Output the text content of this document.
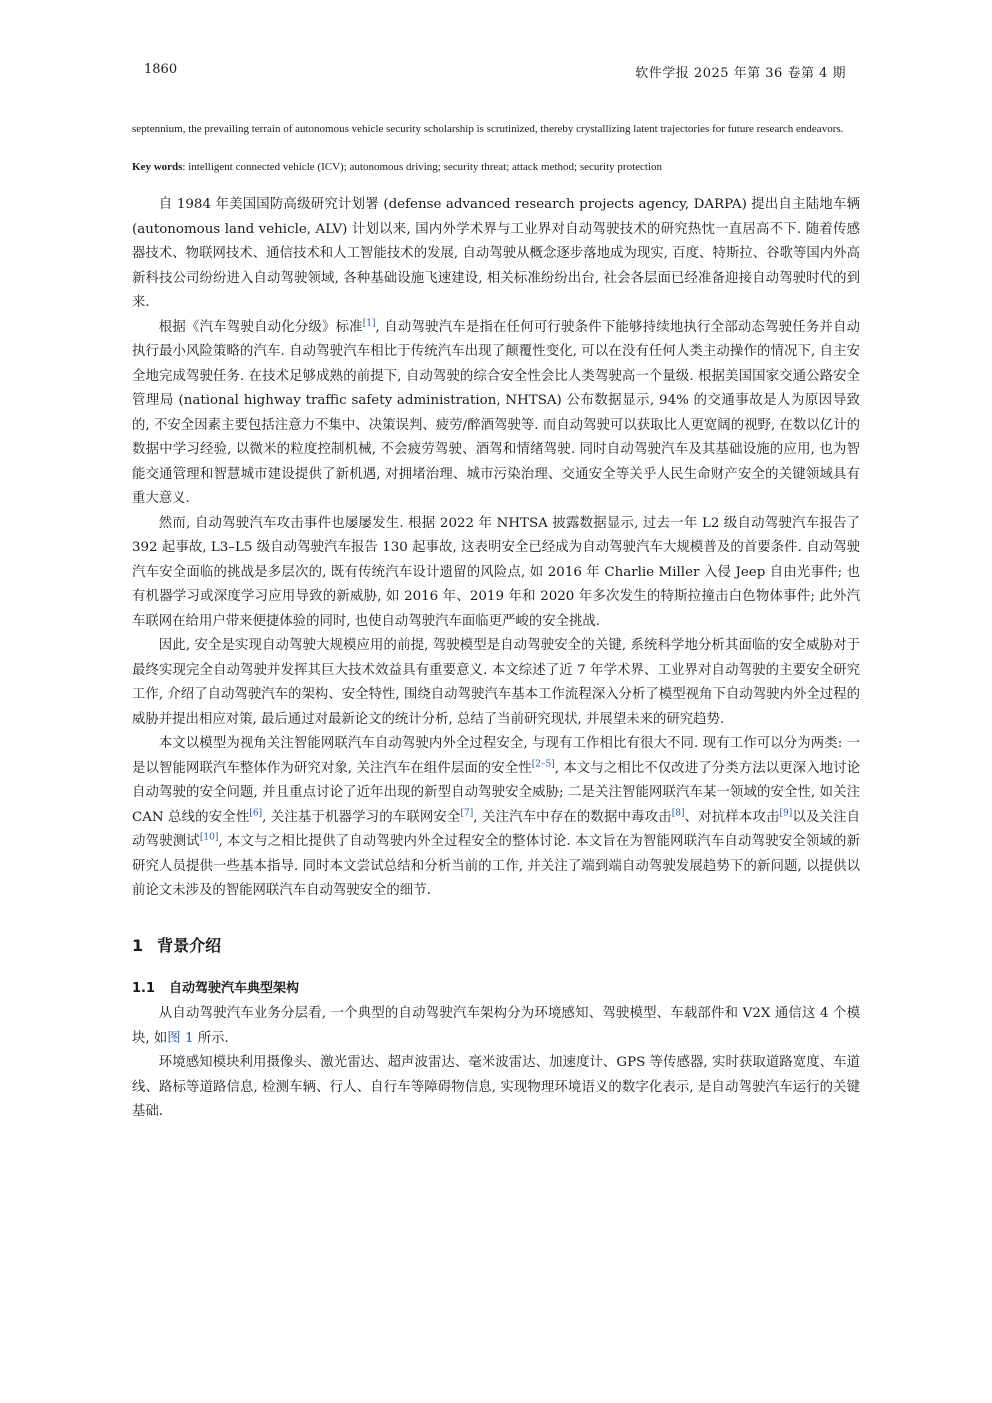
1860	软件学报 2025 年第 36 卷第 4 期
septennium, the prevailing terrain of autonomous vehicle security scholarship is scrutinized, thereby crystallizing latent trajectories for future research endeavors.
Key words: intelligent connected vehicle (ICV); autonomous driving; security threat; attack method; security protection

自 1984 年美国国防高级研究计划署 (defense advanced research projects agency, DARPA) 提出自主陆地车辆 (autonomous land vehicle, ALV) 计划以来, 国内外学术界与工业界对自动驾驶技术的研究热忱一直居高不下. 随着传感器技术、物联网技术、通信技术和人工智能技术的发展, 自动驾驶从概念逐步落地成为现实, 百度、特斯拉、谷歌等国内外高新科技公司纷纷进入自动驾驶领域, 各种基础设施飞速建设, 相关标准纷纷出台, 社会各层面已经准备迎接自动驾驶时代的到来.

根据《汽车驾驶自动化分级》标准[1], 自动驾驶汽车是指在任何可行驶条件下能够持续地执行全部动态驾驶任务并自动执行最小风险策略的汽车. 自动驾驶汽车相比于传统汽车出现了颠覆性变化, 可以在没有任何人类主动操作的情况下, 自主安全地完成驾驶任务. 在技术足够成熟的前提下, 自动驾驶的综合安全性会比人类驾驶高一个量级. 根据美国国家交通公路安全管理局 (national highway traffic safety administration, NHTSA) 公布数据显示, 94% 的交通事故是人为原因导致的, 不安全因素主要包括注意力不集中、决策误判、疲劳/醉酒驾驶等. 而自动驾驶可以获取比人更宽阔的视野, 在数以亿计的数据中学习经验, 以微米的粒度控制机械, 不会疲劳驾驶、酒驾和情绪驾驶. 同时自动驾驶汽车及其基础设施的应用, 也为智能交通管理和智慧城市建设提供了新机遇, 对拥堵治理、城市污染治理、交通安全等关乎人民生命财产安全的关键领域具有重大意义.

然而, 自动驾驶汽车攻击事件也屡屡发生. 根据 2022 年 NHTSA 披露数据显示, 过去一年 L2 级自动驾驶汽车报告了 392 起事故, L3–L5 级自动驾驶汽车报告 130 起事故, 这表明安全已经成为自动驾驶汽车大规模普及的首要条件. 自动驾驶汽车安全面临的挑战是多层次的, 既有传统汽车设计遗留的风险点, 如 2016 年 Charlie Miller 入侵 Jeep 自由光事件; 也有机器学习或深度学习应用导致的新威胁, 如 2016 年、2019 年和 2020 年多次发生的特斯拉撞击白色物体事件; 此外汽车联网在给用户带来便捷体验的同时, 也使自动驾驶汽车面临更严峻的安全挑战.

因此, 安全是实现自动驾驶大规模应用的前提, 驾驶模型是自动驾驶安全的关键, 系统科学地分析其面临的安全威胁对于最终实现完全自动驾驶并发挥其巨大技术效益具有重要意义. 本文综述了近 7 年学术界、工业界对自动驾驶的主要安全研究工作, 介绍了自动驾驶汽车的架构、安全特性, 围绕自动驾驶汽车基本工作流程深入分析了模型视角下自动驾驶内外全过程的威胁并提出相应对策, 最后通过对最新论文的统计分析, 总结了当前研究现状, 并展望未来的研究趋势.

本文以模型为视角关注智能网联汽车自动驾驶内外全过程安全, 与现有工作相比有很大不同. 现有工作可以分为两类: 一是以智能网联汽车整体作为研究对象, 关注汽车在组件层面的安全性[2–5], 本文与之相比不仅改进了分类方法以更深入地讨论自动驾驶的安全问题, 并且重点讨论了近年出现的新型自动驾驶安全威胁; 二是关注智能网联汽车某一领域的安全性, 如关注 CAN 总线的安全性[6], 关注基于机器学习的车联网安全[7], 关注汽车中存在的数据中毒攻击[8]、对抗样本攻击[9]以及关注自动驾驶测试[10], 本文与之相比提供了自动驾驶内外全过程安全的整体讨论. 本文旨在为智能网联汽车自动驾驶安全领域的新研究人员提供一些基本指导. 同时本文尝试总结和分析当前的工作, 并关注了端到端自动驾驶发展趋势下的新问题, 以提供以前论文未涉及的智能网联汽车自动驾驶安全的细节.

1 背景介绍
1.1 自动驾驶汽车典型架构

从自动驾驶汽车业务分层看, 一个典型的自动驾驶汽车架构分为环境感知、驾驶模型、车载部件和 V2X 通信这 4 个模块, 如图 1 所示.

环境感知模块利用摄像头、激光雷达、超声波雷达、毫米波雷达、加速度计、GPS 等传感器, 实时获取道路宽度、车道线、路标等道路信息, 检测车辆、行人、自行车等障碍物信息, 实现物理环境语义的数字化表示, 是自动驾驶汽车运行的关键基础.
